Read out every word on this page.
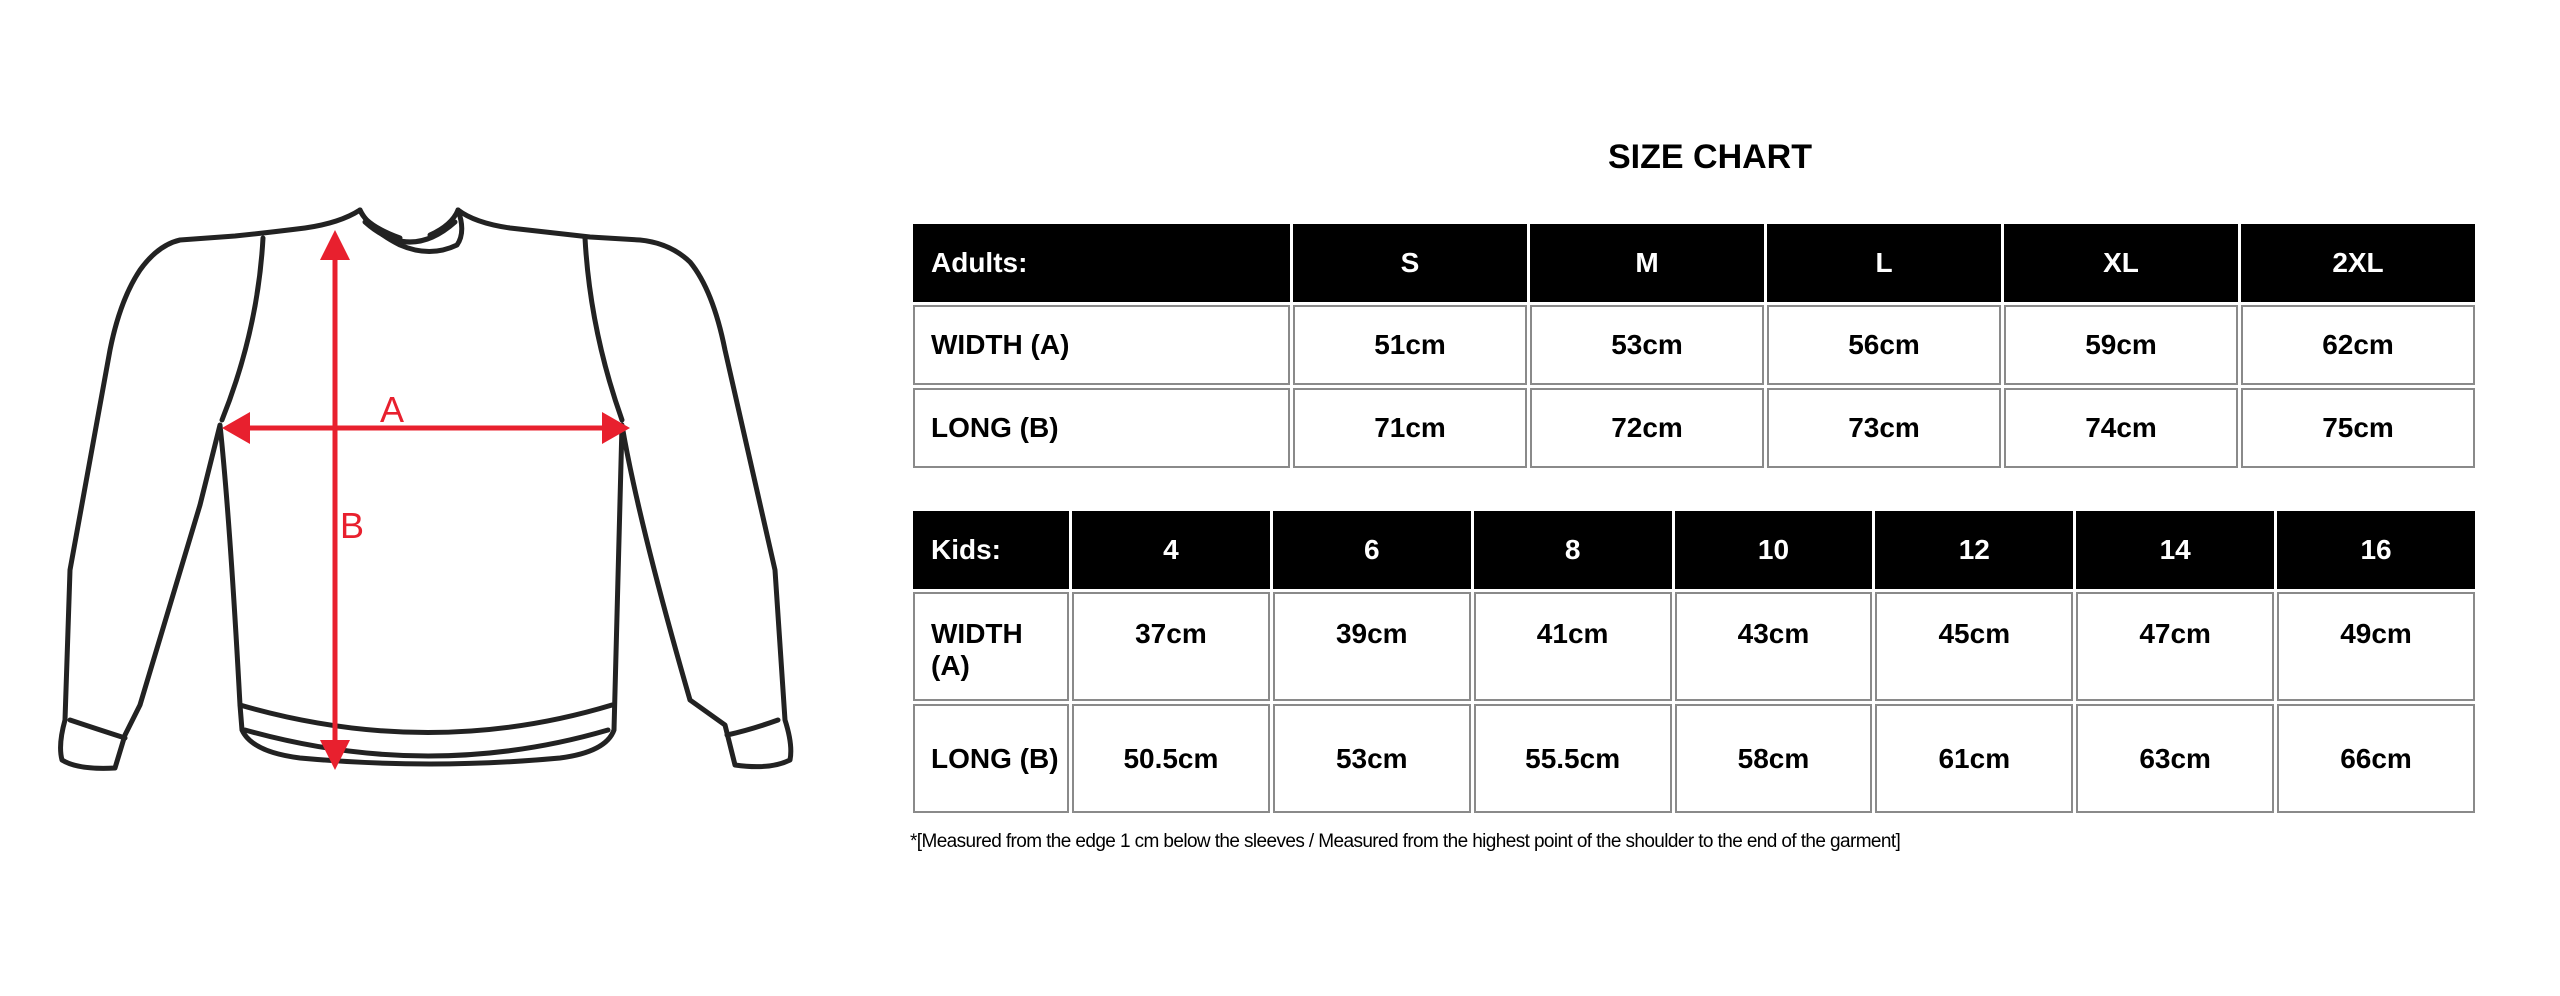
A
B
SIZE CHART
Adults:	S	M	L	XL	2XL
WIDTH (A)	51cm	53cm	56cm	59cm	62cm
LONG (B)	71cm	72cm	73cm	74cm	75cm
Kids:	4	6	8	10	12	14	16
WIDTH (A)	37cm	39cm	41cm	43cm	45cm	47cm	49cm
LONG (B)	50.5cm	53cm	55.5cm	58cm	61cm	63cm	66cm
*[Measured from the edge 1 cm below the sleeves / Measured from the highest point of the shoulder to the end of the garment]
